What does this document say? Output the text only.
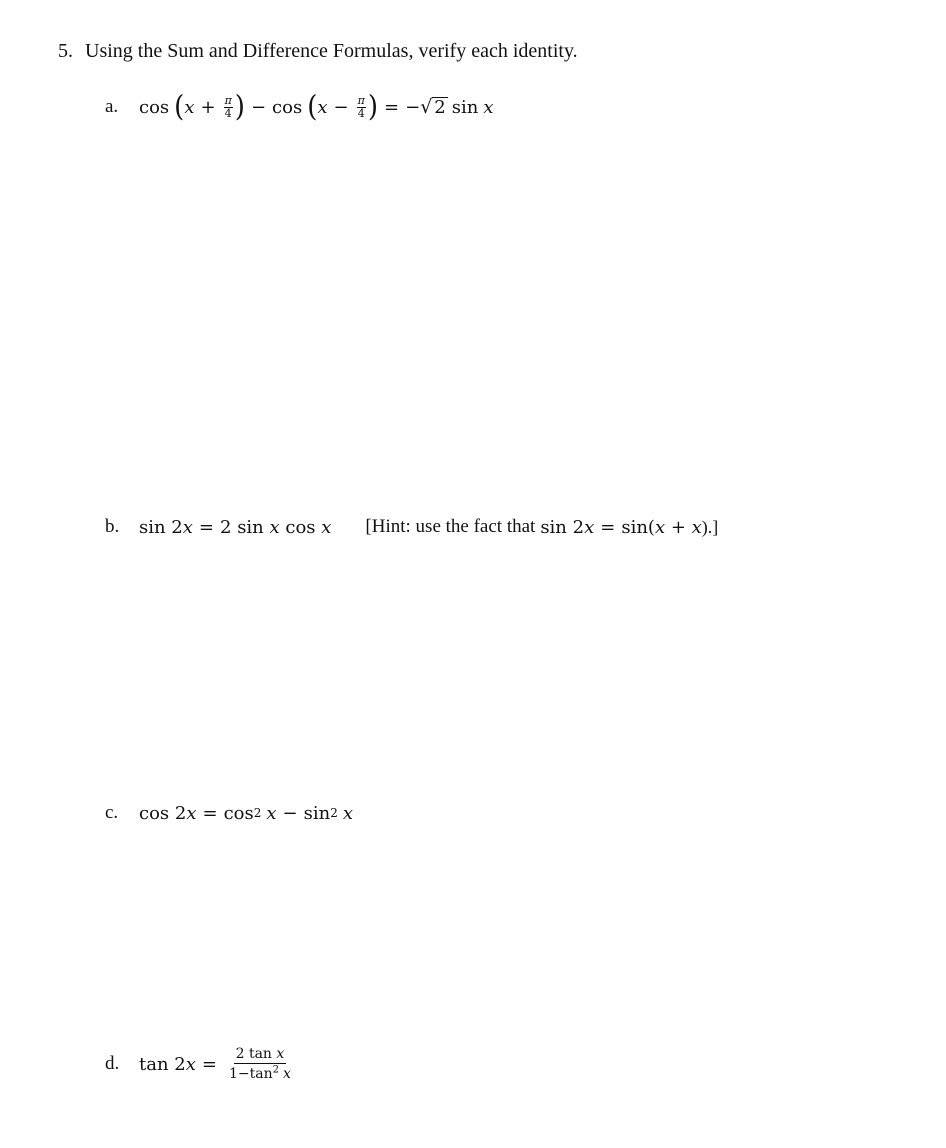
5. Using the Sum and Difference Formulas, verify each identity.
a.	cos ( $x + \frac{\pi}{4}$ ) − cos ( $x - \frac{\pi}{4}$ ) = − √ 2 sin x
b.	sin 2 x = 2 sin x cos x [Hint: use the fact that sin 2 x = sin( x + x ).]
c.	cos 2 x = cos 2 x − sin 2 x
d.	tan 2 $x = \frac{\text{2 tan x}}{1-\tan^2 x}$
